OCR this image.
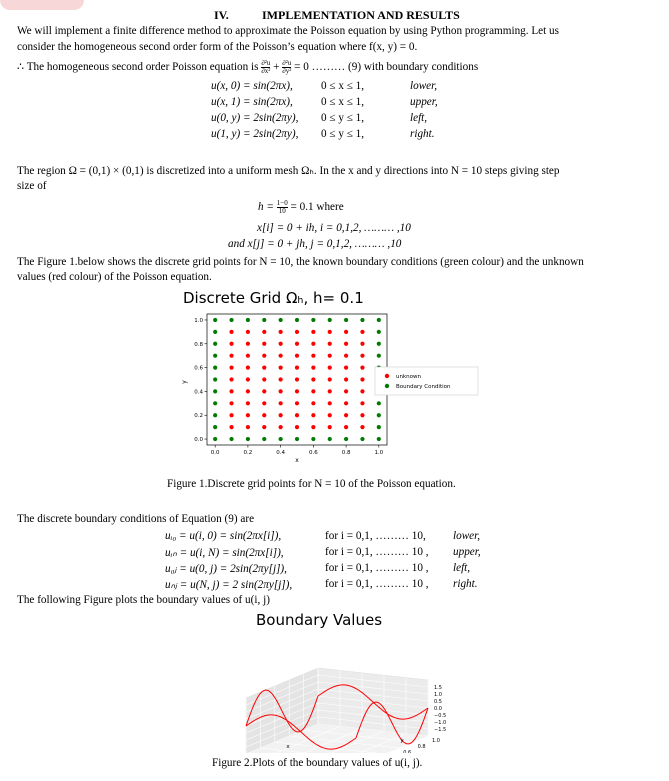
IV.	IMPLEMENTATION AND RESULTS
We will implement a finite difference method to approximate the Poisson equation by using Python programming. Let us
consider the homogeneous second order form of the Poisson’s equation where f(x, y) = 0.
∴ The homogeneous second order Poisson equation is $\frac{\text{∂²u}}{\text{∂x²}} + \frac{\text{∂²u}}{\text{∂y²}} = 0$ ……… (9) with boundary conditions
u(x, 0) = sin(2πx),	0 ≤ x ≤ 1,	lower,
u(x, 1) = sin(2πx),	0 ≤ x ≤ 1,	upper,
u(0, y) = 2sin(2πy), 0 ≤ y ≤ 1,	left,
u(1, y) = 2sin(2πy), 0 ≤ y ≤ 1,	right.
The region Ω = (0,1) × (0,1) is discretized into a uniform mesh Ωₕ. In the x and y directions into N = 10 steps giving step
size of
$h = \frac{1-0}{10} = 0.1$ where
x[i] = 0 + ih, i = 0,1,2, ……… ,10
and x[j] = 0 + jh, j = 0,1,2, ……… ,10
The Figure 1.below shows the discrete grid points for N = 10, the known boundary conditions (green colour) and the unknown
values (red colour) of the Poisson equation.
Discrete Grid Ωₕ, h= 0.1
0.0	0.2	0.4	0.6	0.8	1.0
0.0
0.2
0.4
0.6
0.8
1.0
x
y
unknown
Boundary Condition
Figure 1.Discrete grid points for N = 10 of the Poisson equation.
The discrete boundary conditions of Equation (9) are
uᵢ₀ = u(i, 0) = sin(2πx[i]),	for i = 0,1, ……… 10, lower,
uᵢₙ = u(i, N) = sin(2πx[i]),	for i = 0,1, ……… 10 , upper,
u₀ⱼ = u(0, j) = 2sin(2πy[j]),	for i = 0,1, ……… 10 , left,
uₙⱼ = u(N, j) = 2 sin(2πy[j]),	for i = 0,1, ……… 10 , right.
The following Figure plots the boundary values of u(i, j)
Boundary Values
0.6
0.8
1.0
1.5
1.0
0.5
0.0
−0.5
−1.0
−1.5
x
y
Figure 2.Plots of the boundary values of u(i, j).
